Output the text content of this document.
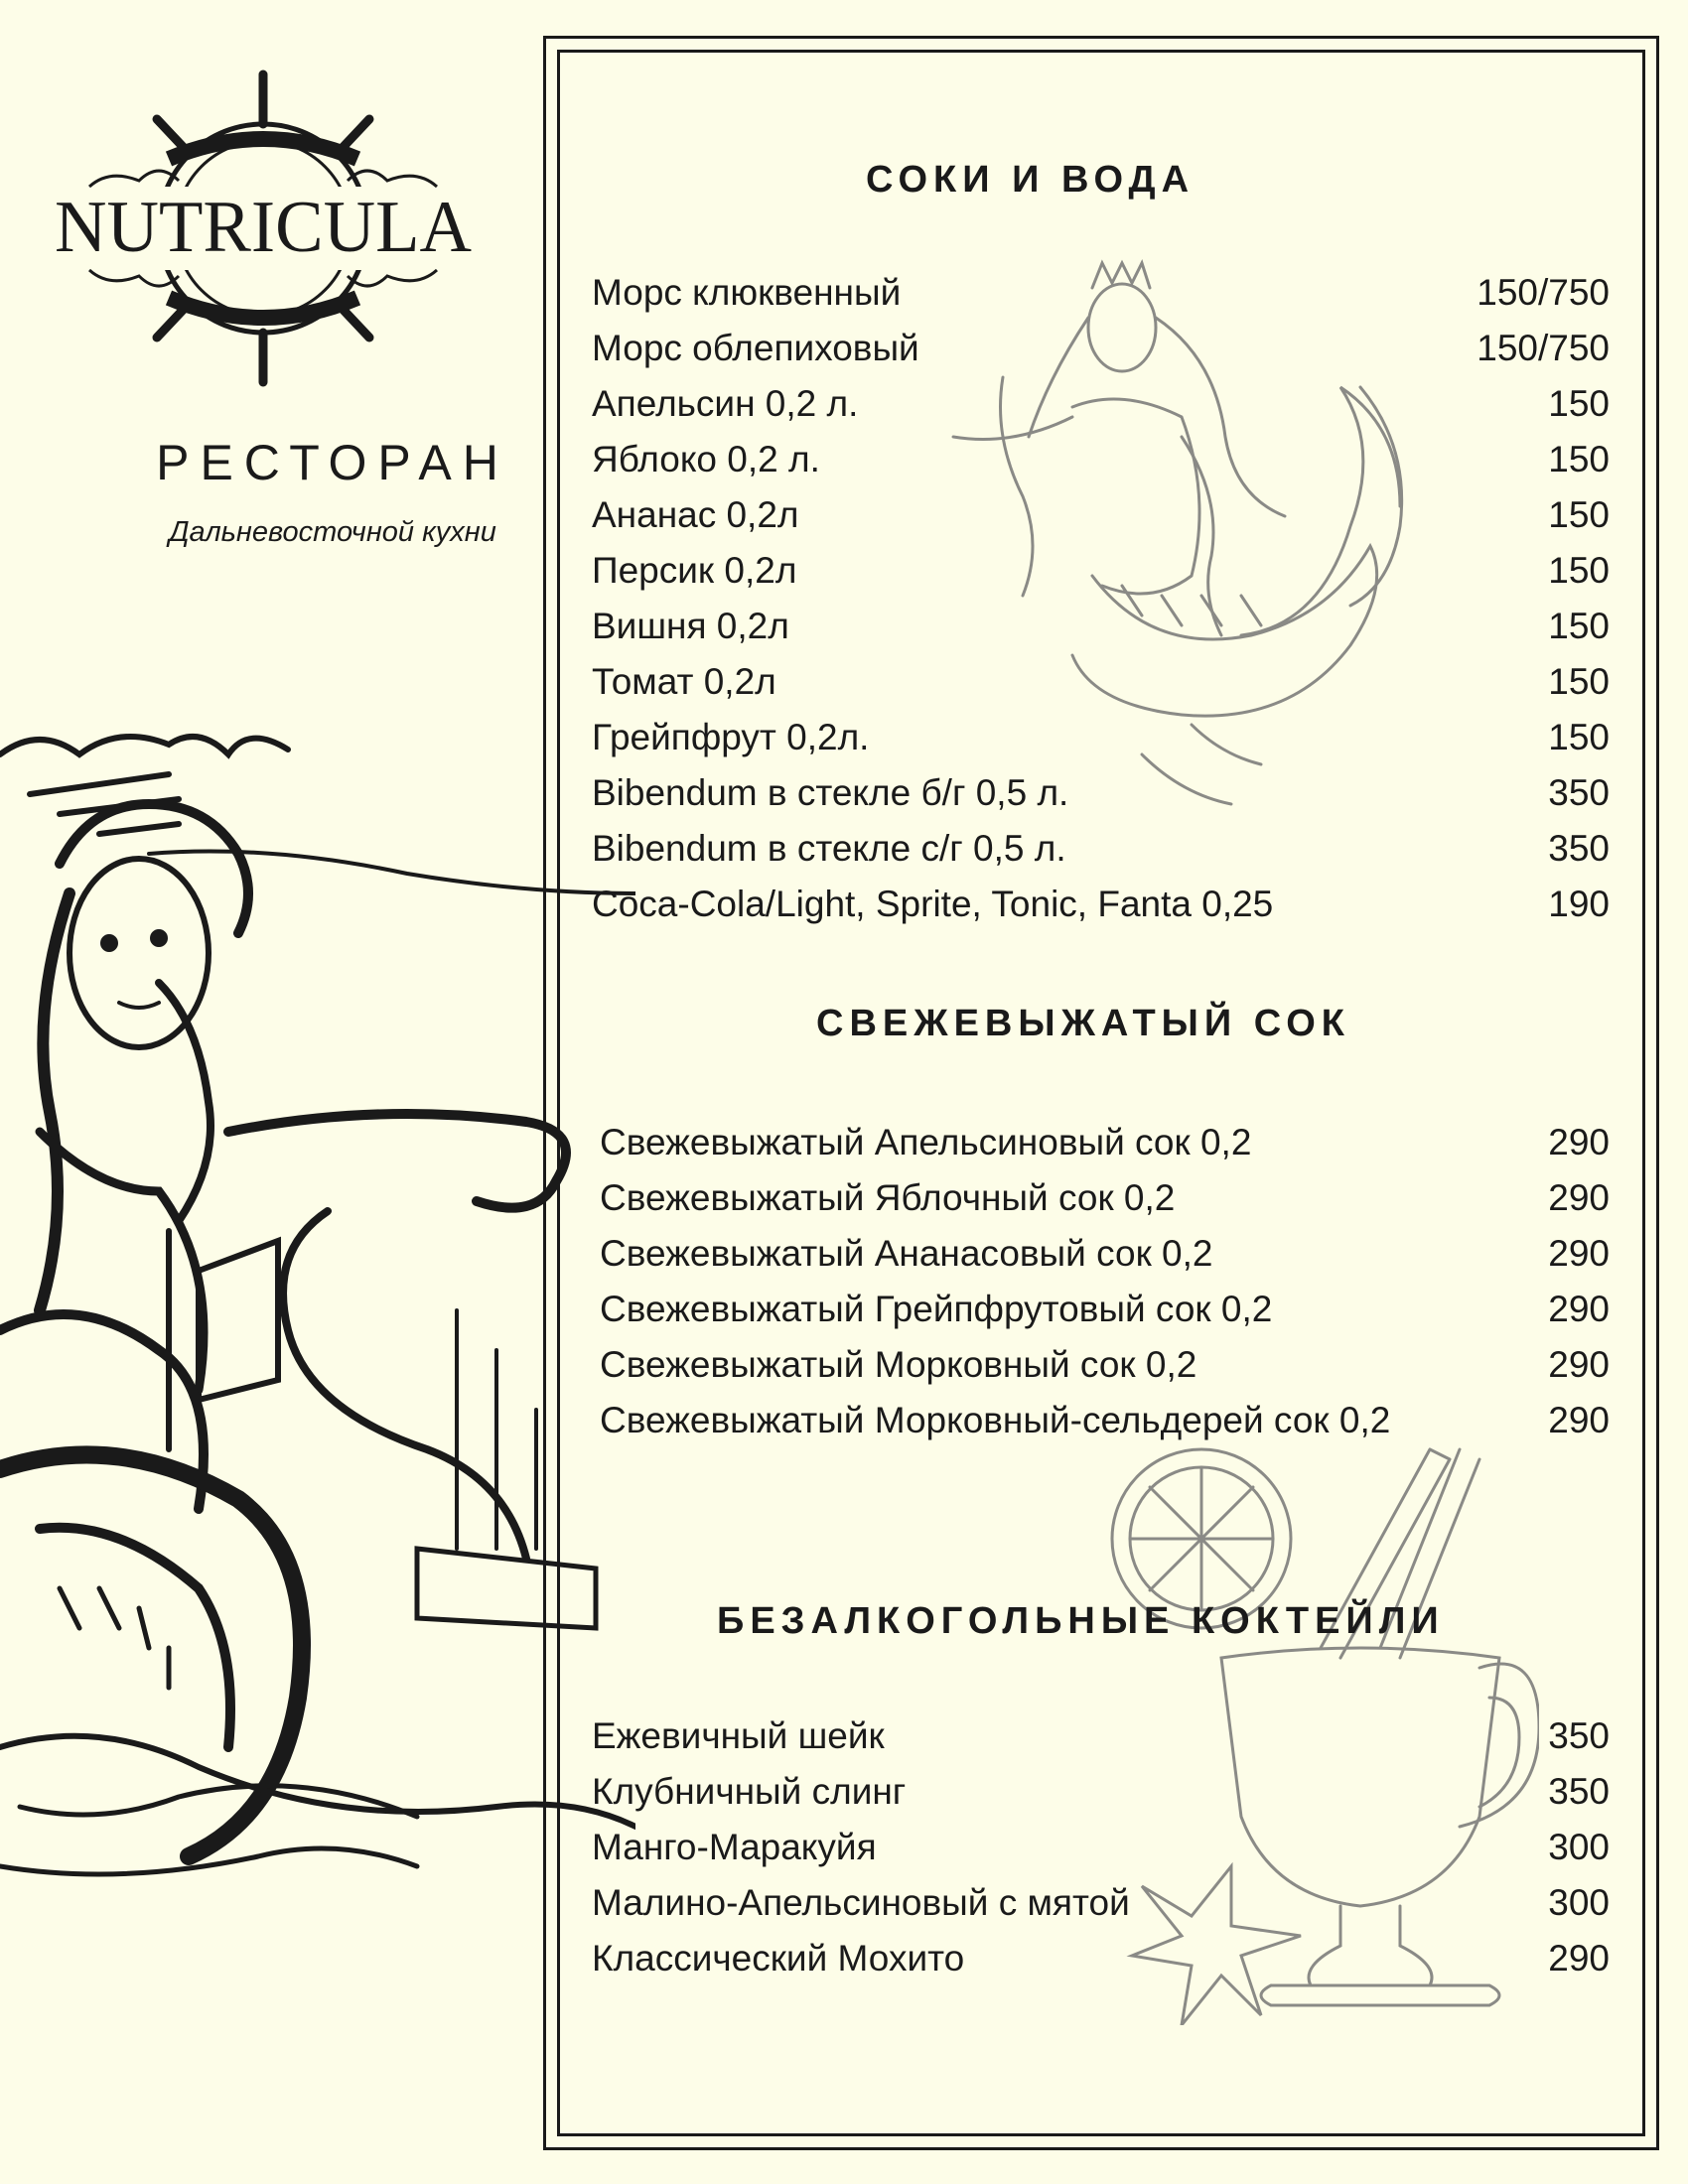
RESTAURANT
BUSINESS CLUB
NUTRICULA
РЕСТОРАН
Дальневосточной кухни
СОКИ И ВОДА
Морс клюквенный	150/750
Морс облепиховый	150/750
Апельсин 0,2 л.	150
Яблоко 0,2 л.	150
Ананас 0,2л	150
Персик 0,2л	150
Вишня 0,2л	150
Томат 0,2л	150
Грейпфрут 0,2л.	150
Bibendum в стекле б/г 0,5 л.	350
Bibendum в стекле с/г 0,5 л.	350
Coca-Cola/Light, Sprite, Tonic, Fanta 0,25	190
СВЕЖЕВЫЖАТЫЙ СОК
Свежевыжатый Апельсиновый сок 0,2	290
Свежевыжатый Яблочный сок 0,2	290
Свежевыжатый Ананасовый сок 0,2	290
Свежевыжатый Грейпфрутовый сок 0,2	290
Свежевыжатый Морковный сок 0,2	290
Свежевыжатый Морковный-сельдерей сок 0,2	290
БЕЗАЛКОГОЛЬНЫЕ КОКТЕЙЛИ
Ежевичный шейк	350
Клубничный слинг	350
Манго-Маракуйя	300
Малино-Апельсиновый с мятой	300
Классический Мохито	290
